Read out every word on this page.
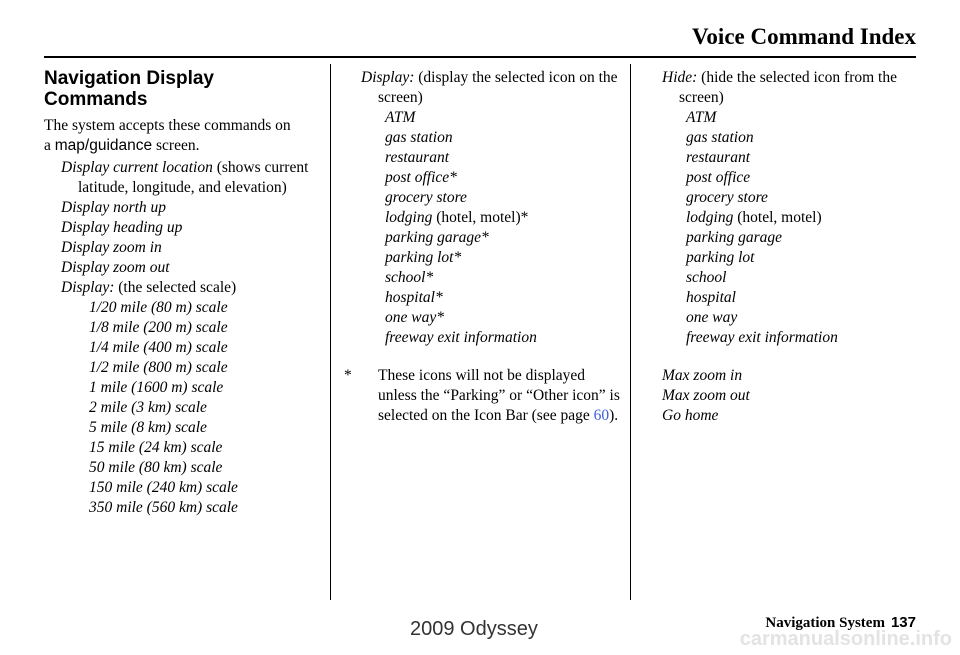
Voice Command Index
Navigation Display
Commands
The system accepts these commands on
a map/guidance screen.
Display current location (shows current latitude, longitude, and elevation)
Display north up
Display heading up
Display zoom in
Display zoom out
Display: (the selected scale)
1/20 mile (80 m) scale
1/8 mile (200 m) scale
1/4 mile (400 m) scale
1/2 mile (800 m) scale
1 mile (1600 m) scale
2 mile (3 km) scale
5 mile (8 km) scale
15 mile (24 km) scale
50 mile (80 km) scale
150 mile (240 km) scale
350 mile (560 km) scale
Display: (display the selected icon on the screen)
ATM
gas station
restaurant
post office*
grocery store
lodging (hotel, motel)*
parking garage*
parking lot*
school*
hospital*
one way*
freeway exit information
* These icons will not be displayed unless the “Parking” or “Other icon” is selected on the Icon Bar (see page 60).
Hide: (hide the selected icon from the screen)
ATM
gas station
restaurant
post office
grocery store
lodging (hotel, motel)
parking garage
parking lot
school
hospital
one way
freeway exit information
Max zoom in
Max zoom out
Go home
Navigation System 137
2009 Odyssey	carmanualsonline.info
